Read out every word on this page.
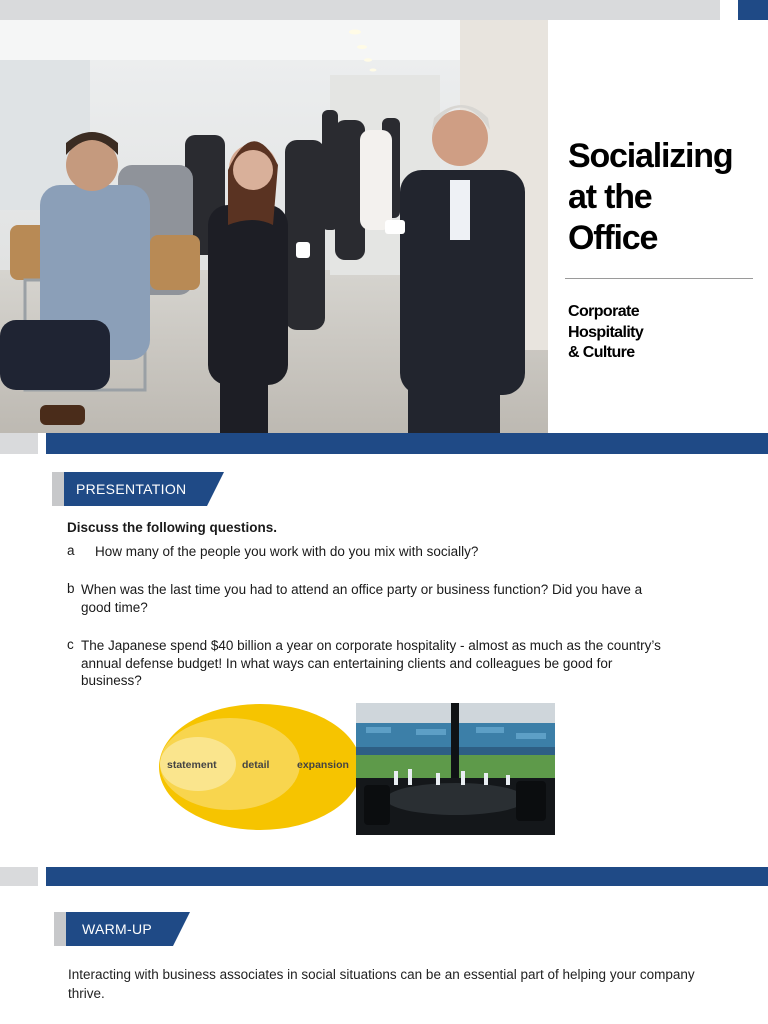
Socializing
at the
Office
Corporate
Hospitality
& Culture
PRESENTATION
Discuss the following questions.
a How many of the people you work with do you mix with socially?
b When was the last time you had to attend an office party or business function? Did you have a good time?
c The Japanese spend $40 billion a year on corporate hospitality - almost as much as the country’s annual defense budget! In what ways can entertaining clients and colleagues be good for business?
statement detail	expansion
WARM-UP
Interacting with business associates in social situations can be an essential part of helping your company thrive.
